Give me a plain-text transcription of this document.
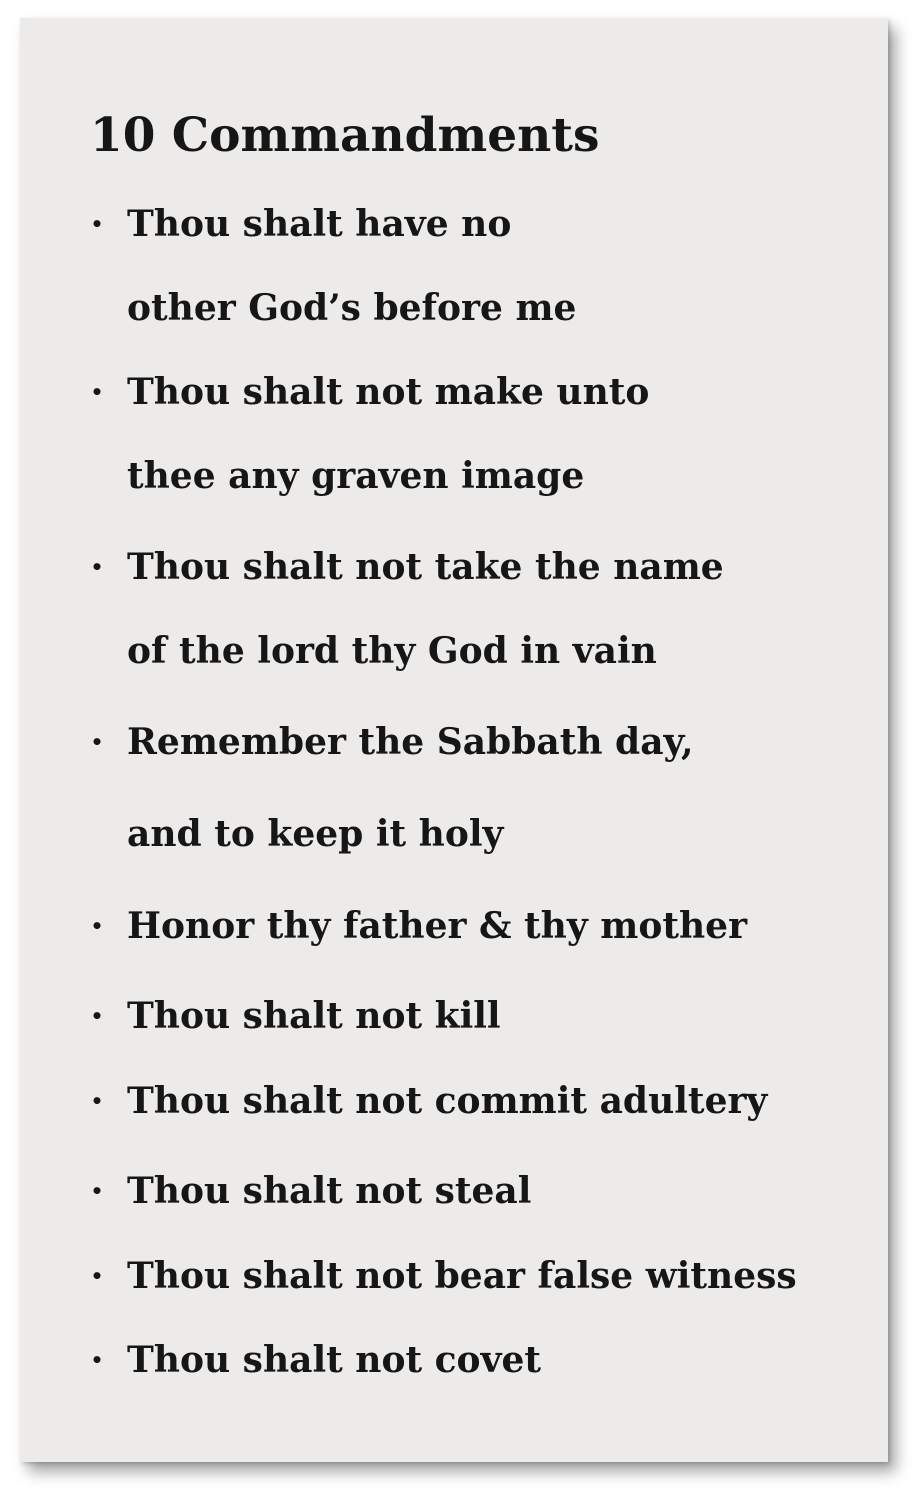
10 Commandments
• Thou shalt have no
other God’s before me
• Thou shalt not make unto
thee any graven image
• Thou shalt not take the name
of the lord thy God in vain
• Remember the Sabbath day,
and to keep it holy
• Honor thy father & thy mother
• Thou shalt not kill
• Thou shalt not commit adultery
• Thou shalt not steal
• Thou shalt not bear false witness
• Thou shalt not covet
